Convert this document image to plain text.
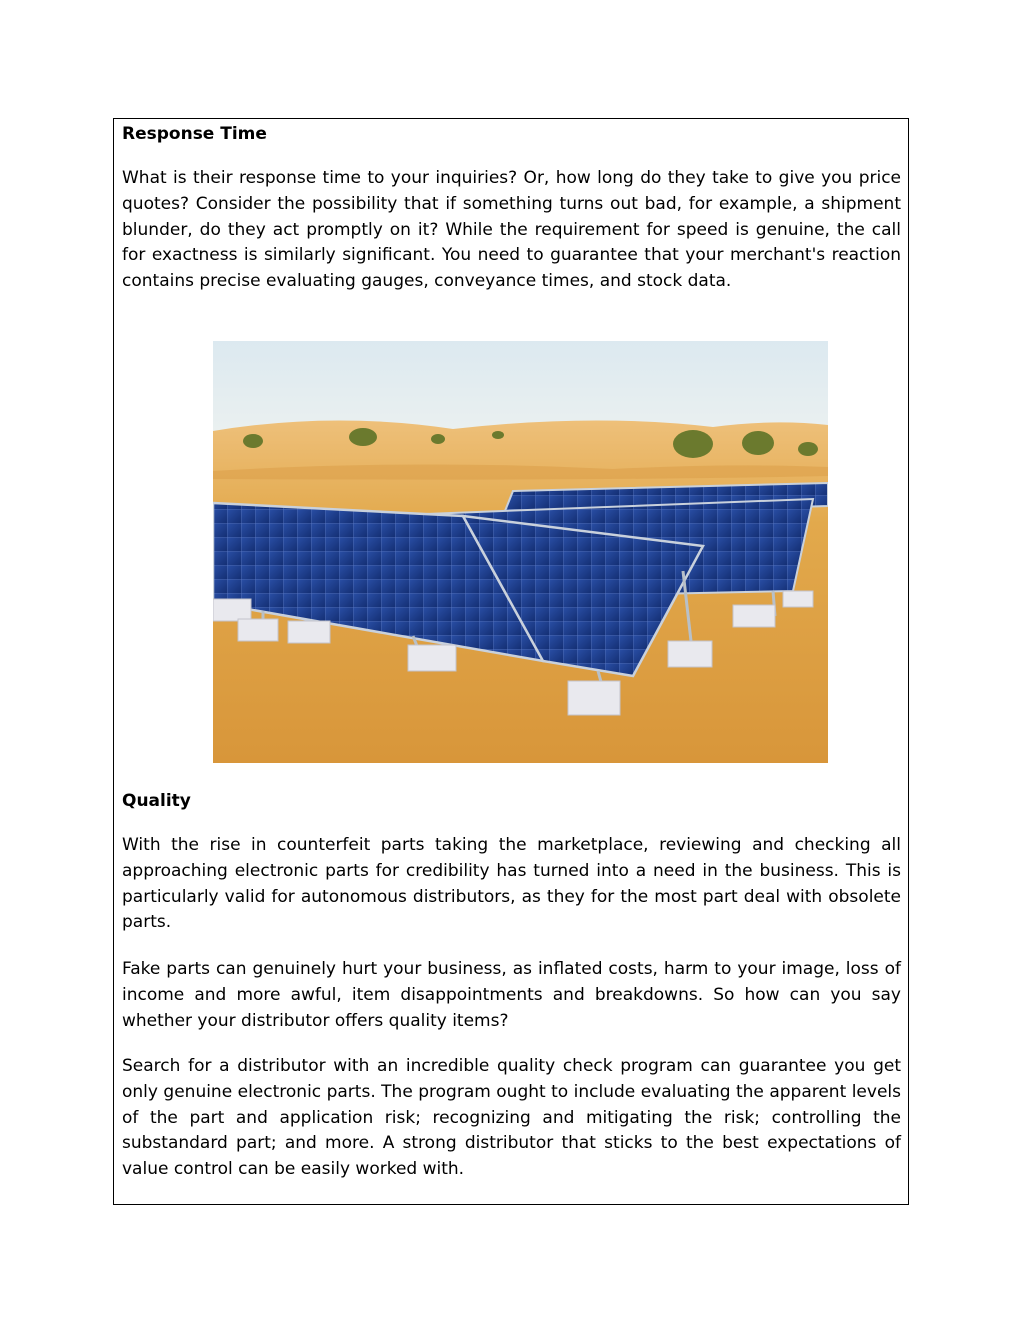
Response Time

What is their response time to your inquiries? Or, how long do they take to give you price quotes? Consider the possibility that if something turns out bad, for example, a shipment blunder, do they act promptly on it? While the requirement for speed is genuine, the call for exactness is similarly significant. You need to guarantee that your merchant's reaction contains precise evaluating gauges, conveyance times, and stock data.

Quality

With the rise in counterfeit parts taking the marketplace, reviewing and checking all approaching electronic parts for credibility has turned into a need in the business. This is particularly valid for autonomous distributors, as they for the most part deal with obsolete parts.

Fake parts can genuinely hurt your business, as inflated costs, harm to your image, loss of income and more awful, item disappointments and breakdowns. So how can you say whether your distributor offers quality items?

Search for a distributor with an incredible quality check program can guarantee you get only genuine electronic parts. The program ought to include evaluating the apparent levels of the part and application risk; recognizing and mitigating the risk; controlling the substandard part; and more. A strong distributor that sticks to the best expectations of value control can be easily worked with.
